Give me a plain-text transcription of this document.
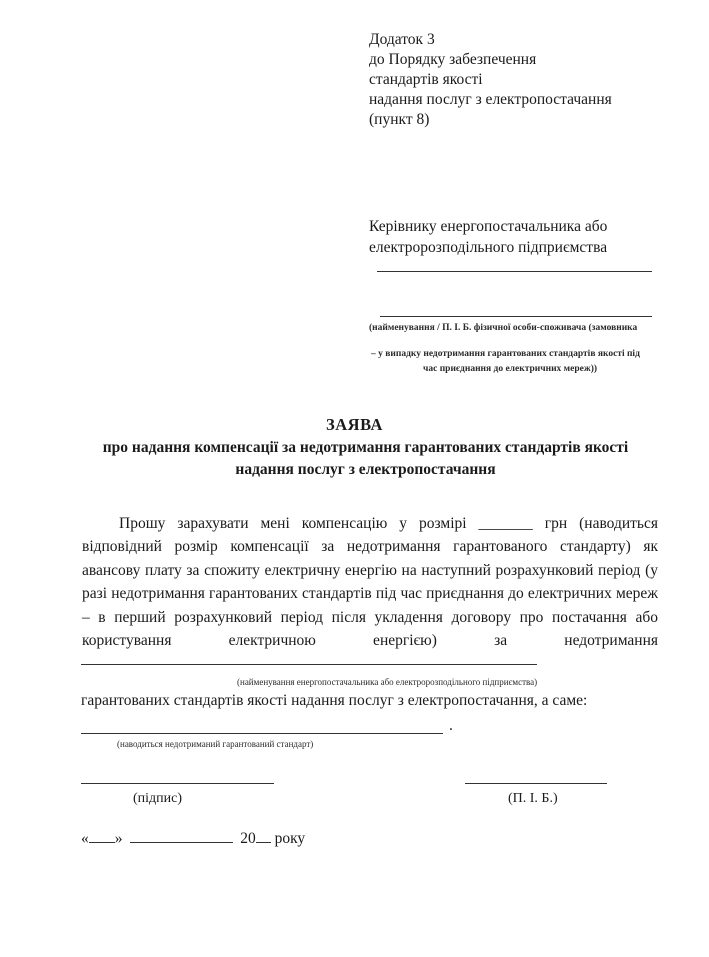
Додаток 3
до Порядку забезпечення
стандартів якості
надання послуг з електропостачання
(пункт 8)
Керівнику енергопостачальника або
електророзподільного підприємства
(найменування / П. І. Б. фізичної особи-споживача (замовника
– у випадку недотримання гарантованих стандартів якості під
час приєднання до електричних мереж))
ЗАЯВА
про надання компенсації за недотримання гарантованих стандартів якості
надання послуг з електропостачання

Прошу зарахувати мені компенсацію у розмірі _______ грн (наводиться відповідний розмір компенсації за недотримання гарантованого стандарту) як авансову плату за спожиту електричну енергію на наступний розрахунковий період (у разі недотримання гарантованих стандартів під час приєднання до електричних мереж – в перший розрахунковий період після укладення договору про постачання або користування електричною енергією) за недотримання

(найменування енергопостачальника або електророзподільного підприємства)
гарантованих стандартів якості надання послуг з електропостачання, а саме:
.
(наводиться недотриманий гарантований стандарт)
(підпис)	(П. І. Б.)
« »	20 року
